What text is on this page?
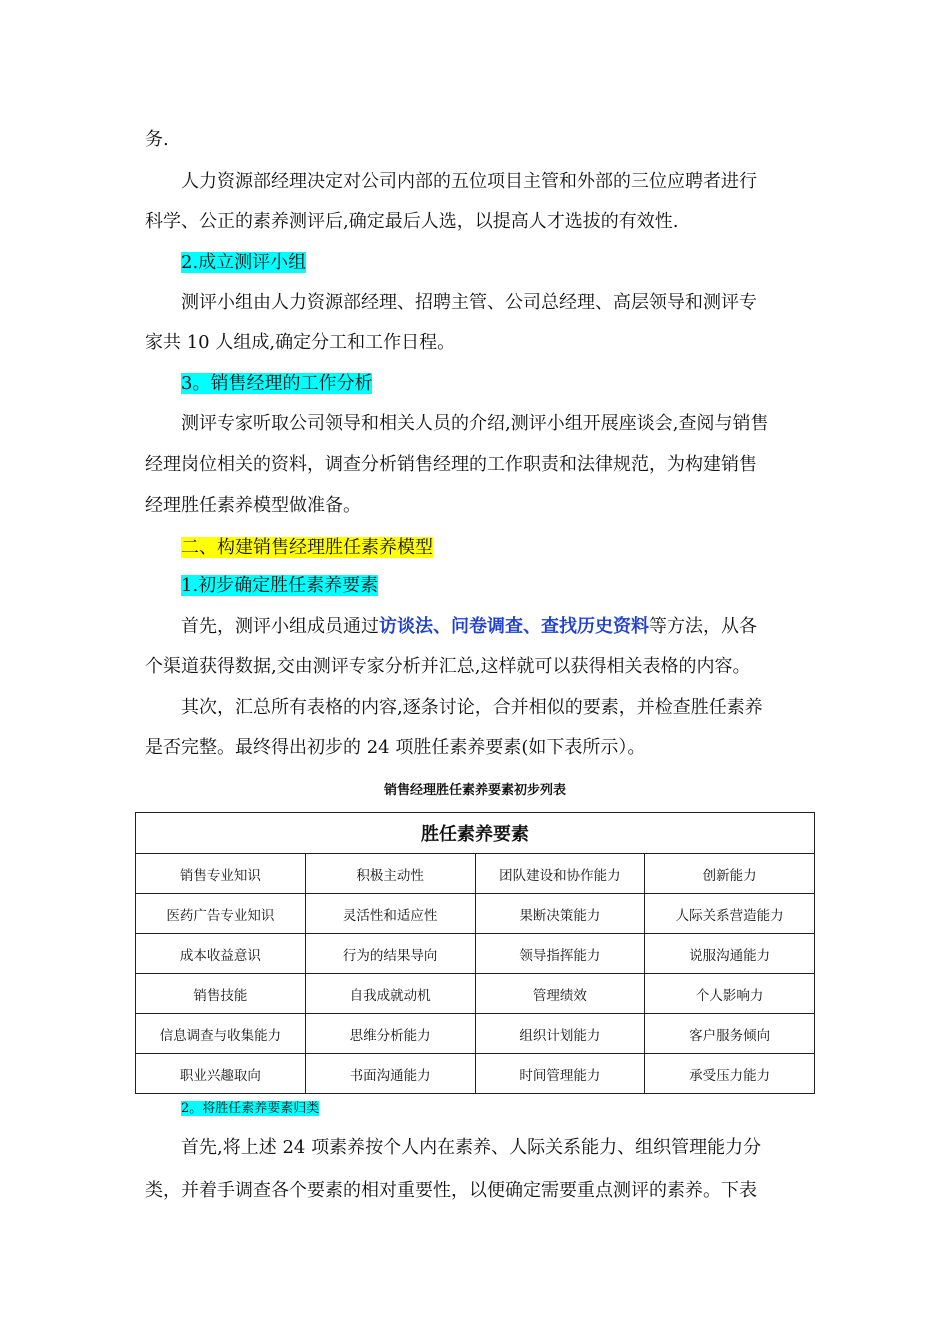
务.
人力资源部经理决定对公司内部的五位项目主管和外部的三位应聘者进行
科学、公正的素养测评后,确定最后人选，以提高人才选拔的有效性.
2.成立测评小组
测评小组由人力资源部经理、招聘主管、公司总经理、高层领导和测评专
家共 10 人组成,确定分工和工作日程。
3。销售经理的工作分析
测评专家听取公司领导和相关人员的介绍,测评小组开展座谈会,查阅与销售
经理岗位相关的资料，调查分析销售经理的工作职责和法律规范，为构建销售
经理胜任素养模型做准备。
二、构建销售经理胜任素养模型
1.初步确定胜任素养要素
首先，测评小组成员通过访谈法、问卷调查、查找历史资料等方法，从各
个渠道获得数据,交由测评专家分析并汇总,这样就可以获得相关表格的内容。
其次，汇总所有表格的内容,逐条讨论，合并相似的要素，并检查胜任素养
是否完整。最终得出初步的 24 项胜任素养要素(如下表所示）。
销售经理胜任素养要素初步列表
胜任素养要素			
销售专业知识	积极主动性	团队建设和协作能力	创新能力
医药广告专业知识	灵活性和适应性	果断决策能力	人际关系营造能力
成本收益意识	行为的结果导向	领导指挥能力	说服沟通能力
销售技能	自我成就动机	管理绩效	个人影响力
信息调查与收集能力	思维分析能力	组织计划能力	客户服务倾向
职业兴趣取向	书面沟通能力	时间管理能力	承受压力能力
2。将胜任素养要素归类
首先,将上述 24 项素养按个人内在素养、人际关系能力、组织管理能力分
类，并着手调查各个要素的相对重要性，以便确定需要重点测评的素养。下表
